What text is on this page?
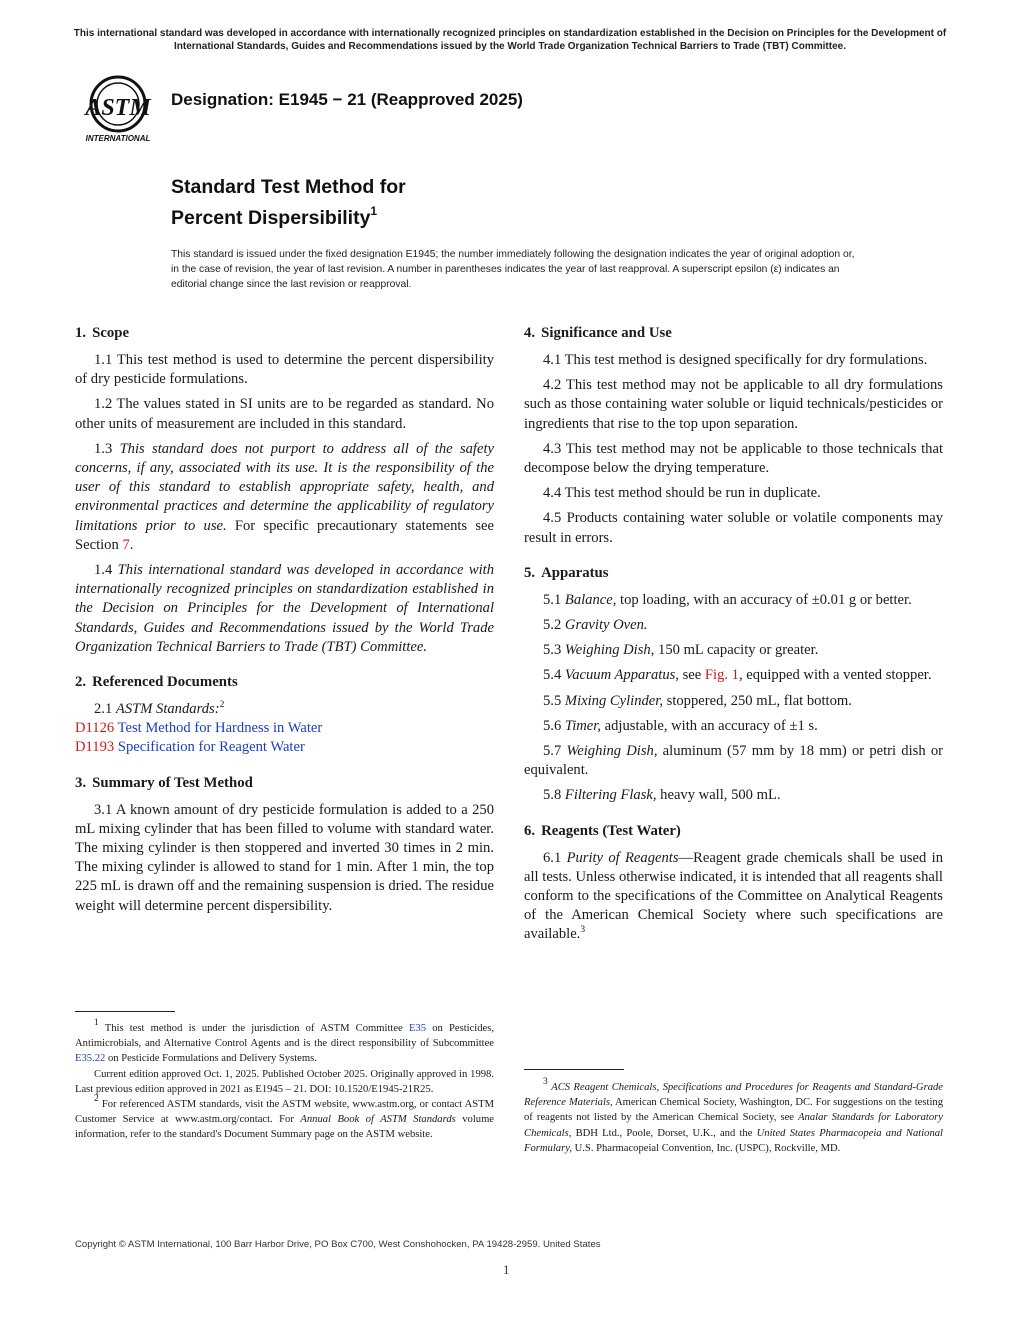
This international standard was developed in accordance with internationally recognized principles on standardization established in the Decision on Principles for the Development of International Standards, Guides and Recommendations issued by the World Trade Organization Technical Barriers to Trade (TBT) Committee.
ASTM
INTERNATIONAL
Designation: E1945 − 21 (Reapproved 2025)
Standard Test Method for
Percent Dispersibility$^1$
This standard is issued under the fixed designation E1945; the number immediately following the designation indicates the year of original adoption or, in the case of revision, the year of last revision. A number in parentheses indicates the year of last reapproval. A superscript epsilon (ε) indicates an editorial change since the last revision or reapproval.
1. Scope

1.1 This test method is used to determine the percent dispersibility of dry pesticide formulations.

1.2 The values stated in SI units are to be regarded as standard. No other units of measurement are included in this standard.

1.3 This standard does not purport to address all of the safety concerns, if any, associated with its use. It is the responsibility of the user of this standard to establish appropriate safety, health, and environmental practices and determine the applicability of regulatory limitations prior to use. For specific precautionary statements see Section 7.

1.4 This international standard was developed in accordance with internationally recognized principles on standardization established in the Decision on Principles for the Development of International Standards, Guides and Recommendations issued by the World Trade Organization Technical Barriers to Trade (TBT) Committee.

2. Referenced Documents

2.1 ASTM Standards:$^2$

D1126 Test Method for Hardness in Water

D1193 Specification for Reagent Water

3. Summary of Test Method

3.1 A known amount of dry pesticide formulation is added to a 250 mL mixing cylinder that has been filled to volume with standard water. The mixing cylinder is then stoppered and inverted 30 times in 2 min. The mixing cylinder is allowed to stand for 1 min. After 1 min, the top 225 mL is drawn off and the remaining suspension is dried. The residue weight will determine percent dispersibility.

$^1$ This test method is under the jurisdiction of ASTM Committee E35 on Pesticides, Antimicrobials, and Alternative Control Agents and is the direct responsibility of Subcommittee E35.22 on Pesticide Formulations and Delivery Systems.

Current edition approved Oct. 1, 2025. Published October 2025. Originally approved in 1998. Last previous edition approved in 2021 as E1945 – 21. DOI: 10.1520/E1945-21R25.

$^2$ For referenced ASTM standards, visit the ASTM website, www.astm.org, or contact ASTM Customer Service at www.astm.org/contact. For Annual Book of ASTM Standards volume information, refer to the standard's Document Summary page on the ASTM website.

4. Significance and Use

4.1 This test method is designed specifically for dry formulations.

4.2 This test method may not be applicable to all dry formulations such as those containing water soluble or liquid technicals/pesticides or ingredients that rise to the top upon separation.

4.3 This test method may not be applicable to those technicals that decompose below the drying temperature.

4.4 This test method should be run in duplicate.

4.5 Products containing water soluble or volatile components may result in errors.

5. Apparatus

5.1 Balance, top loading, with an accuracy of ±0.01 g or better.

5.2 Gravity Oven.

5.3 Weighing Dish, 150 mL capacity or greater.

5.4 Vacuum Apparatus, see Fig. 1, equipped with a vented stopper.

5.5 Mixing Cylinder, stoppered, 250 mL, flat bottom.

5.6 Timer, adjustable, with an accuracy of ±1 s.

5.7 Weighing Dish, aluminum (57 mm by 18 mm) or petri dish or equivalent.

5.8 Filtering Flask, heavy wall, 500 mL.

6. Reagents (Test Water)

6.1 Purity of Reagents—Reagent grade chemicals shall be used in all tests. Unless otherwise indicated, it is intended that all reagents shall conform to the specifications of the Committee on Analytical Reagents of the American Chemical Society where such specifications are available.$^3$

$^3$ ACS Reagent Chemicals, Specifications and Procedures for Reagents and Standard-Grade Reference Materials, American Chemical Society, Washington, DC. For suggestions on the testing of reagents not listed by the American Chemical Society, see Analar Standards for Laboratory Chemicals, BDH Ltd., Poole, Dorset, U.K., and the United States Pharmacopeia and National Formulary, U.S. Pharmacopeial Convention, Inc. (USPC), Rockville, MD.

Copyright © ASTM International, 100 Barr Harbor Drive, PO Box C700, West Conshohocken, PA 19428-2959. United States
1
